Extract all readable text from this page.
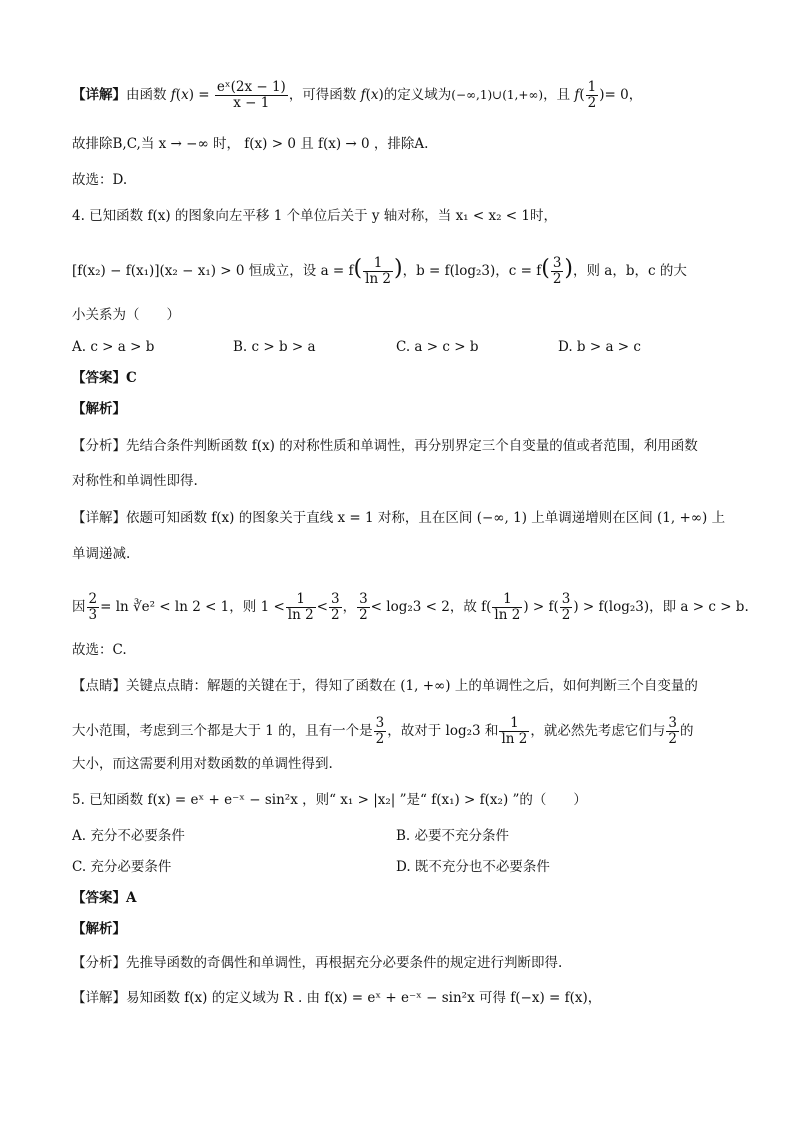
【详解】由函数 $f(x) = \frac{\text{eˣ(2x − 1)}}{x - 1}$ ，可得函数 f(x)的定义域为(−∞,1)∪(1,+∞)，且 $f( \frac{1}{2}$ )= 0，
故排除B,C,当 x → −∞ 时， f(x) > 0 且 f(x) → 0 ，排除A.
故选：D.
4. 已知函数 f(x) 的图象向左平移 1 个单位后关于 y 轴对称，当 x₁ < x₂ < 1时，
[f(x₂) − f(x₁)](x₂ − x₁) > 0 恒成立，设 $a = f( \frac{1}{\ln 2}$ )，b = f(log₂3)，$c = f( \frac{3}{2}$ )，则 a，b，c 的大
小关系为（　　）
A. c > a > b	B. c > b > a	C. a > c > b	D. b > a > c
【答案】C
【解析】
【分析】先结合条件判断函数 f(x) 的对称性质和单调性，再分别界定三个自变量的值或者范围，利用函数
对称性和单调性即得.
【详解】依题可知函数 f(x) 的图象关于直线 x = 1 对称，且在区间 (−∞, 1) 上单调递增则在区间 (1, +∞) 上
单调递减.
因 $\frac{2}{3} = \ln$ ∛e² < ln 2 < 1，则 $1 < \frac{1}{\ln 2} < \frac{3}{2}$ ， $\frac{3}{2} < \log_23 < 2$，故 $f( \frac{1}{\ln 2}$ ) > $f( \frac{3}{2}$ ) > f(log₂3)，即 a > c > b.
故选：C.
【点睛】关键点点睛：解题的关键在于，得知了函数在 (1, +∞) 上的单调性之后，如何判断三个自变量的
大小范围，考虑到三个都是大于 1 的，且有一个是 $\frac{3}{2}$ ，故对于 log₂3 和 $\frac{1}{\ln 2}$ ，就必然先考虑它们与 $\frac{3}{2}$ 的
大小，而这需要利用对数函数的单调性得到.
5. 已知函数 f(x) = eˣ + e⁻ˣ − sin²x ，则“ x₁ > |x₂| ”是“ f(x₁) > f(x₂) ”的（　　）
A. 充分不必要条件	B. 必要不充分条件
C. 充分必要条件	D. 既不充分也不必要条件
【答案】A
【解析】
【分析】先推导函数的奇偶性和单调性，再根据充分必要条件的规定进行判断即得.
【详解】易知函数 f(x) 的定义域为 R . 由 f(x) = eˣ + e⁻ˣ − sin²x 可得 f(−x) = f(x)，
